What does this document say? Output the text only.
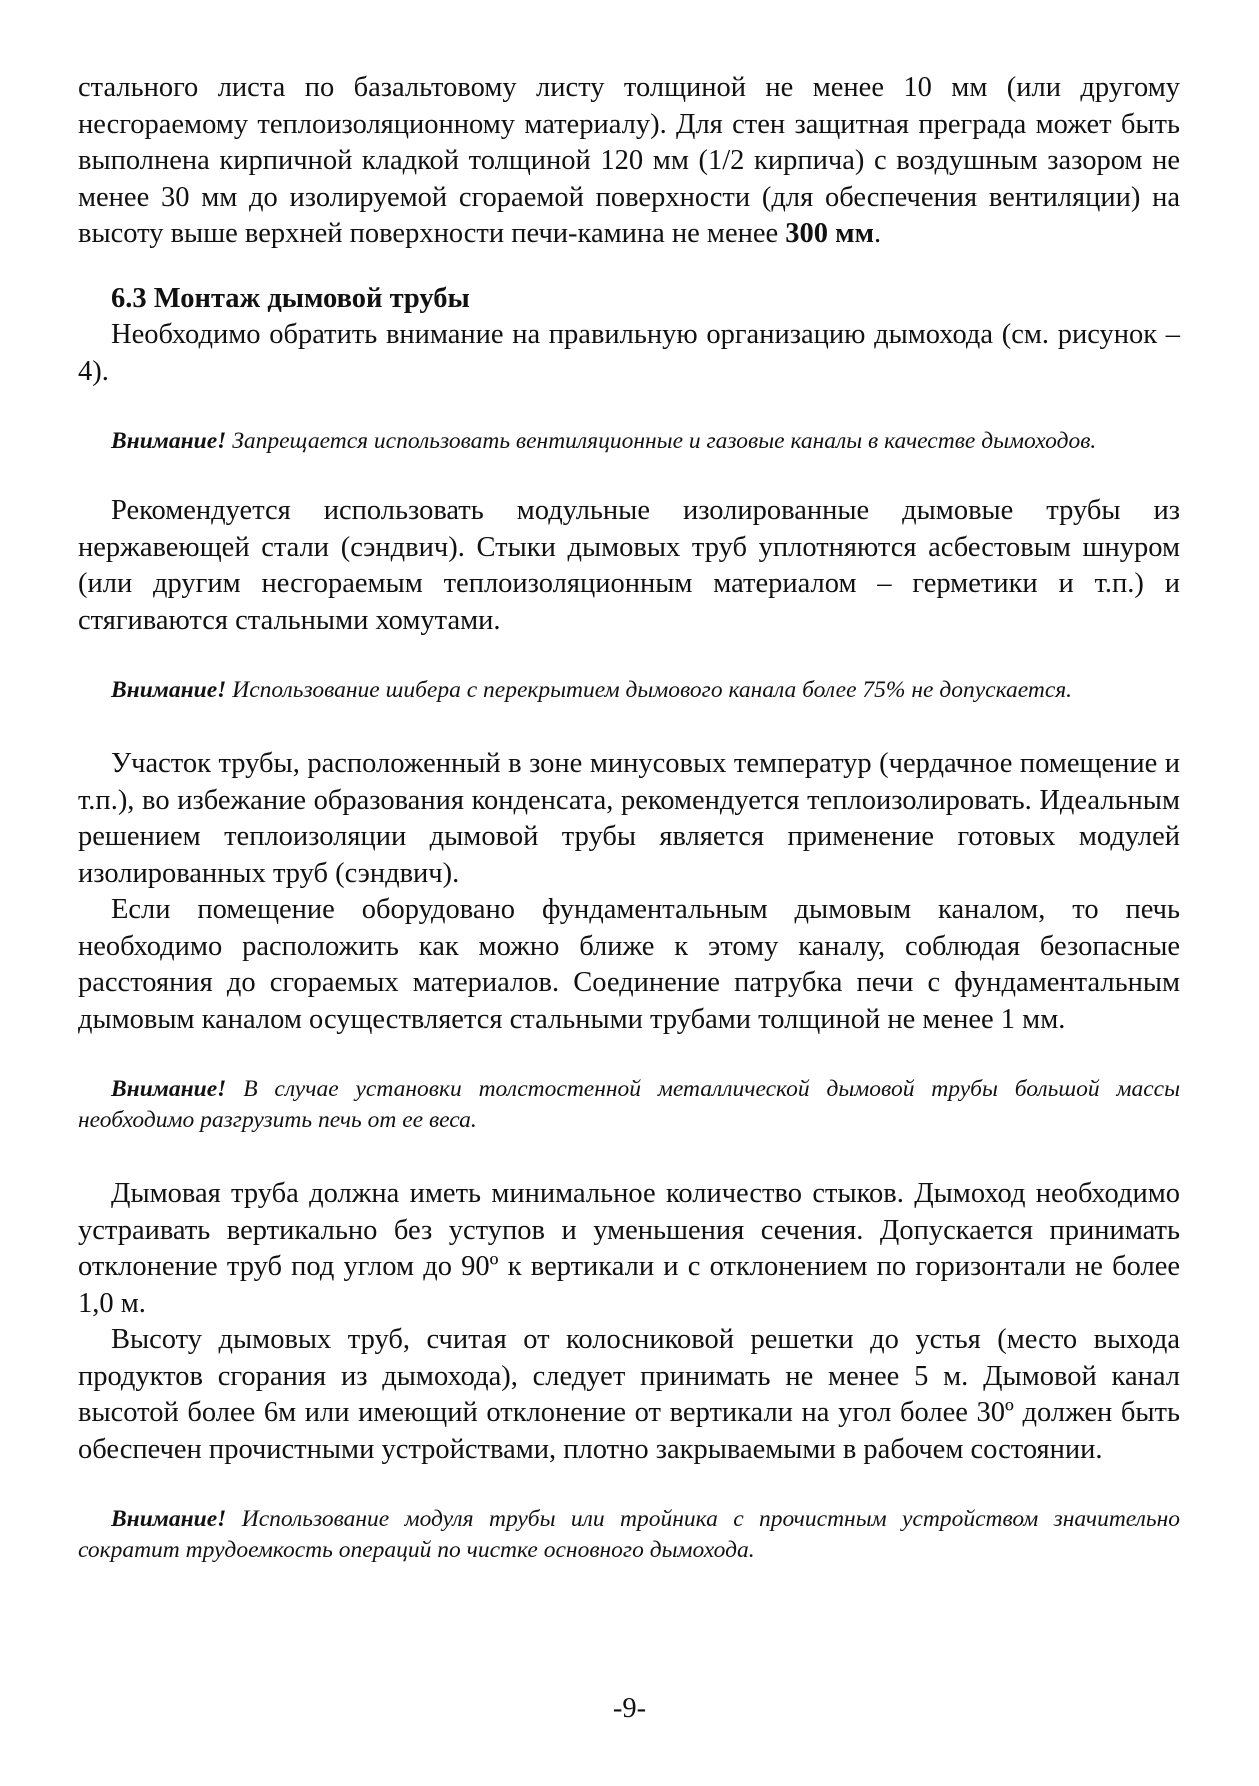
стального листа по базальтовому листу толщиной не менее 10 мм (или другому несгораемому теплоизоляционному материалу). Для стен защитная преграда может быть выполнена кирпичной кладкой толщиной 120 мм (1/2 кирпича) с воздушным зазором не менее 30 мм до изолируемой сгораемой поверхности (для обеспечения вентиляции) на высоту выше верхней поверхности печи-камина не менее 300 мм.

6.3 Монтаж дымовой трубы

Необходимо обратить внимание на правильную организацию дымохода (см. рисунок – 4).

Внимание! Запрещается использовать вентиляционные и газовые каналы в качестве дымоходов.

Рекомендуется использовать модульные изолированные дымовые трубы из нержавеющей стали (сэндвич). Стыки дымовых труб уплотняются асбестовым шнуром (или другим несгораемым теплоизоляционным материалом – герметики и т.п.) и стягиваются стальными хомутами.

Внимание! Использование шибера с перекрытием дымового канала более 75% не допускается.

Участок трубы, расположенный в зоне минусовых температур (чердачное помещение и т.п.), во избежание образования конденсата, рекомендуется теплоизолировать. Идеальным решением теплоизоляции дымовой трубы является применение готовых модулей изолированных труб (сэндвич).

Если помещение оборудовано фундаментальным дымовым каналом, то печь необходимо расположить как можно ближе к этому каналу, соблюдая безопасные расстояния до сгораемых материалов. Соединение патрубка печи с фундаментальным дымовым каналом осуществляется стальными трубами толщиной не менее 1 мм.

Внимание! В случае установки толстостенной металлической дымовой трубы большой массы необходимо разгрузить печь от ее веса.

Дымовая труба должна иметь минимальное количество стыков. Дымоход необходимо устраивать вертикально без уступов и уменьшения сечения. Допускается принимать отклонение труб под углом до 90º к вертикали и с отклонением по горизонтали не более 1,0 м.

Высоту дымовых труб, считая от колосниковой решетки до устья (место выхода продуктов сгорания из дымохода), следует принимать не менее 5 м. Дымовой канал высотой более 6м или имеющий отклонение от вертикали на угол более 30º должен быть обеспечен прочистными устройствами, плотно закрываемыми в рабочем состоянии.

Внимание! Использование модуля трубы или тройника с прочистным устройством значительно сократит трудоемкость операций по чистке основного дымохода.

-9-
